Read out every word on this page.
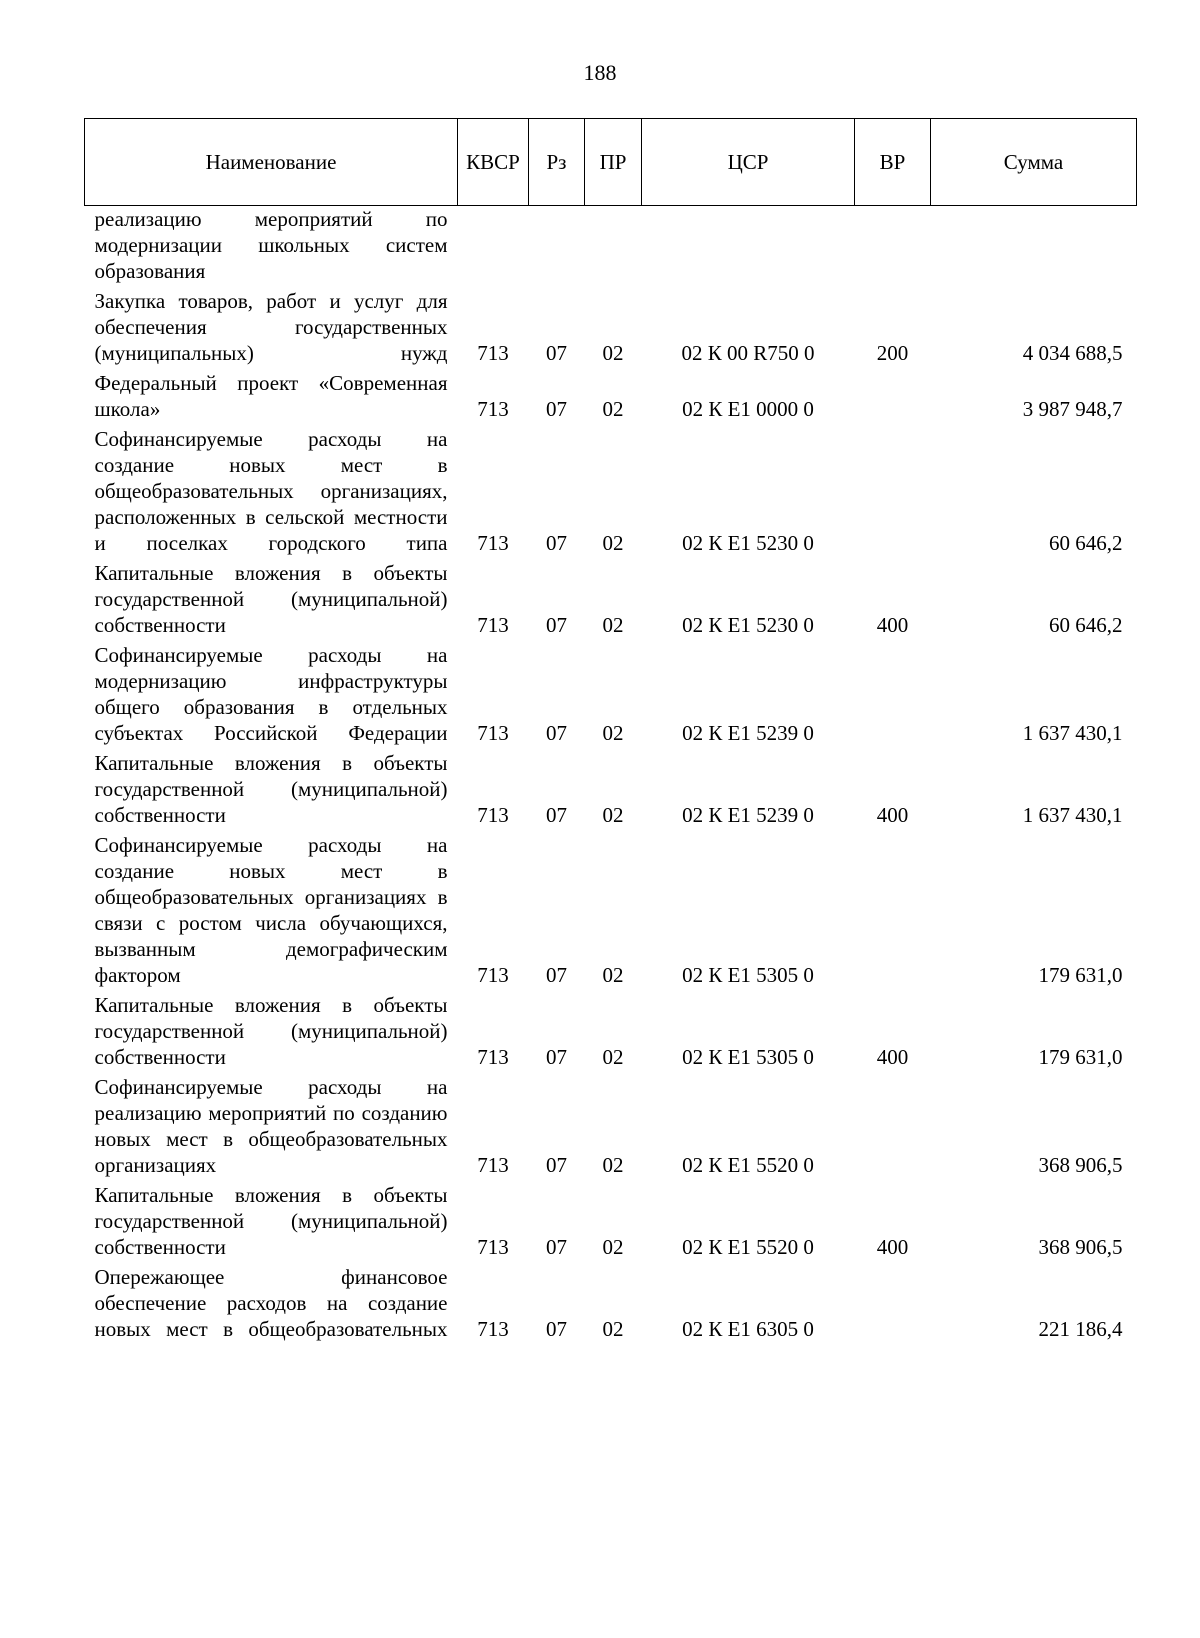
188
Наименование	КВСР	Рз	ПР	ЦСР	ВР	Сумма
реализацию мероприятий по модернизации школьных систем образования						
Закупка товаров, работ и услуг для обеспечения государственных (муниципальных) нужд	713	07	02	02 К 00 R750 0	200	4 034 688,5
Федеральный проект «Современная школа»	713	07	02	02 К Е1 0000 0		3 987 948,7
Софинансируемые расходы на создание новых мест в общеобразовательных организациях, расположенных в сельской местности и поселках городского типа	713	07	02	02 К Е1 5230 0		60 646,2
Капитальные вложения в объекты государственной (муниципальной) собственности	713	07	02	02 К Е1 5230 0	400	60 646,2
Софинансируемые расходы на модернизацию инфраструктуры общего образования в отдельных субъектах Российской Федерации	713	07	02	02 К Е1 5239 0		1 637 430,1
Капитальные вложения в объекты государственной (муниципальной) собственности	713	07	02	02 К Е1 5239 0	400	1 637 430,1
Софинансируемые расходы на создание новых мест в общеобразовательных организациях в связи с ростом числа обучающихся, вызванным демографическим фактором	713	07	02	02 К Е1 5305 0		179 631,0
Капитальные вложения в объекты государственной (муниципальной) собственности	713	07	02	02 К Е1 5305 0	400	179 631,0
Софинансируемые расходы на реализацию мероприятий по созданию новых мест в общеобразовательных организациях	713	07	02	02 К Е1 5520 0		368 906,5
Капитальные вложения в объекты государственной (муниципальной) собственности	713	07	02	02 К Е1 5520 0	400	368 906,5
Опережающее финансовое обеспечение расходов на создание новых мест в общеобразовательных	713	07	02	02 К Е1 6305 0		221 186,4
